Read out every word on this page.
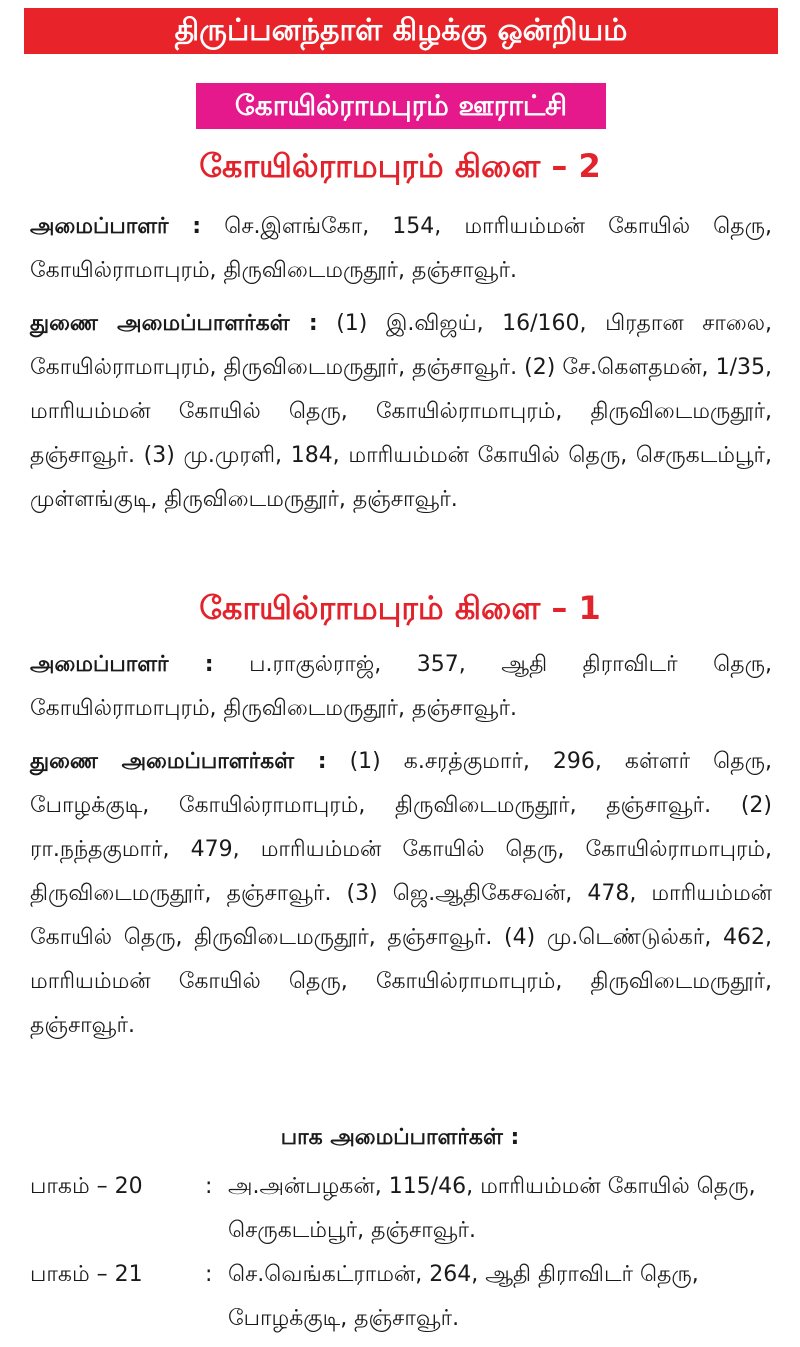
திருப்பனந்தாள் கிழக்கு ஒன்றியம்
கோயில்ராமபுரம் ஊராட்சி
கோயில்ராமபுரம் கிளை – 2
அமைப்பாளர் : செ.இளங்கோ, 154, மாரியம்மன் கோயில் தெரு, கோயில்ராமாபுரம், திருவிடைமருதூர், தஞ்சாவூர்.
துணை அமைப்பாளர்கள் : (1) இ.விஜய், 16/160, பிரதான சாலை, கோயில்ராமாபுரம், திருவிடைமருதூர், தஞ்சாவூர். (2) சே.கௌதமன், 1/35, மாரியம்மன் கோயில் தெரு, கோயில்ராமாபுரம், திருவிடைமருதூர், தஞ்சாவூர். (3) மு.முரளி, 184, மாரியம்மன் கோயில் தெரு, செருகடம்பூர், முள்ளங்குடி, திருவிடைமருதூர், தஞ்சாவூர்.
கோயில்ராமபுரம் கிளை – 1
அமைப்பாளர் : ப.ராகுல்ராஜ், 357, ஆதி திராவிடர் தெரு, கோயில்ராமாபுரம், திருவிடைமருதூர், தஞ்சாவூர்.
துணை அமைப்பாளர்கள் : (1) க.சரத்குமார், 296, கள்ளர் தெரு, போழக்குடி, கோயில்ராமாபுரம், திருவிடைமருதூர், தஞ்சாவூர். (2) ரா.நந்தகுமார், 479, மாரியம்மன் கோயில் தெரு, கோயில்ராமாபுரம், திருவிடைமருதூர், தஞ்சாவூர். (3) ஜெ.ஆதிகேசவன், 478, மாரியம்மன் கோயில் தெரு, திருவிடைமருதூர், தஞ்சாவூர். (4) மு.டெண்டுல்கர், 462, மாரியம்மன் கோயில் தெரு, கோயில்ராமாபுரம், திருவிடைமருதூர், தஞ்சாவூர்.
பாக அமைப்பாளர்கள் :
பாகம் – 20	: அ.அன்பழகன், 115/46, மாரியம்மன் கோயில் தெரு, செருகடம்பூர், தஞ்சாவூர்.
பாகம் – 21	: செ.வெங்கட்ராமன், 264, ஆதி திராவிடர் தெரு, போழக்குடி, தஞ்சாவூர்.
